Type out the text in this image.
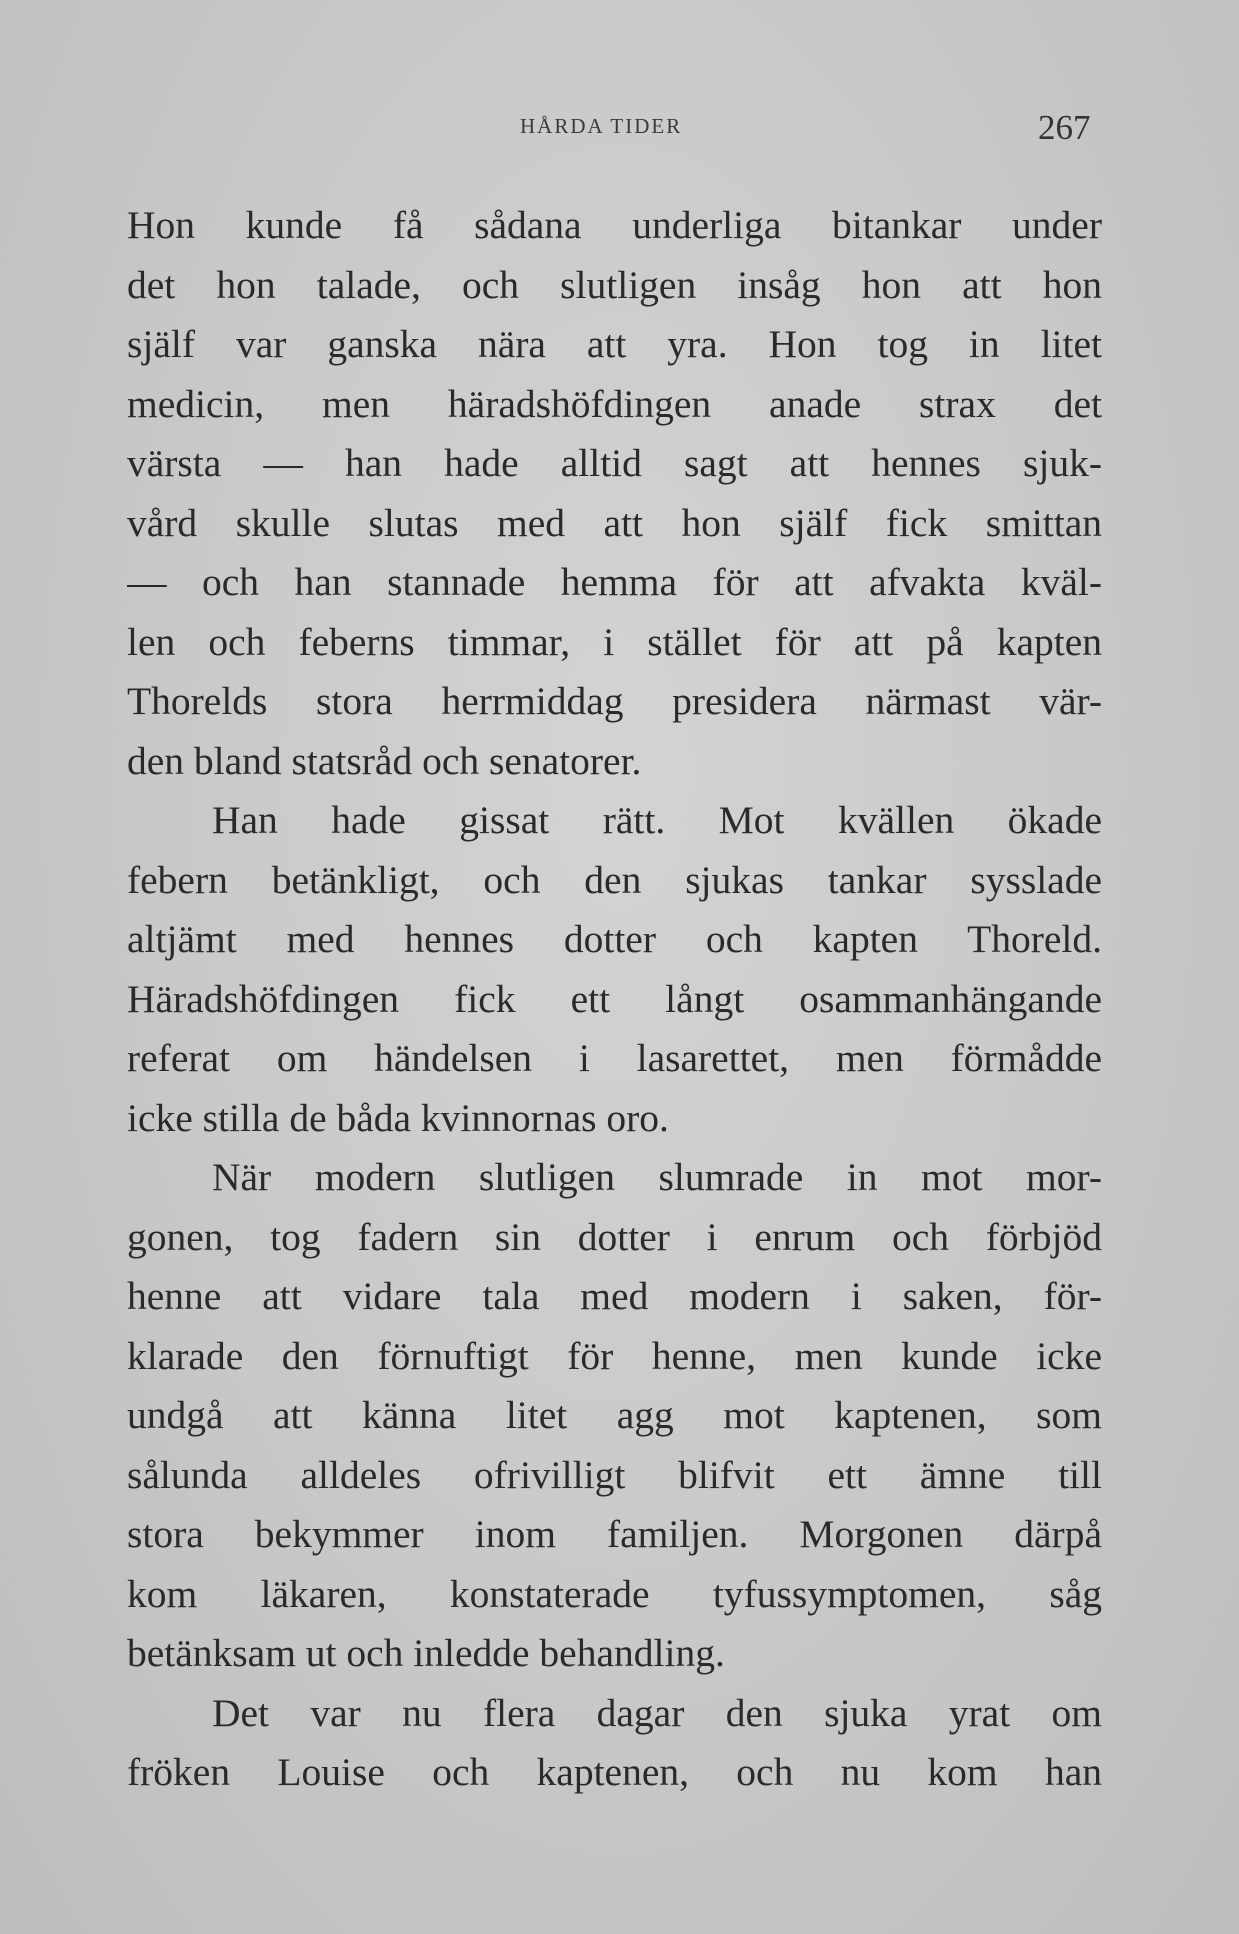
HÅRDA TIDER	267
Hon kunde få sådana underliga bitankar under
det hon talade, och slutligen insåg hon att hon
själf var ganska nära att yra. Hon tog in litet
medicin, men häradshöfdingen anade strax det
värsta — han hade alltid sagt att hennes sjuk-
vård skulle slutas med att hon själf fick smittan
— och han stannade hemma för att afvakta kväl-
len och feberns timmar, i stället för att på kapten
Thorelds stora herrmiddag presidera närmast vär-
den bland statsråd och senatorer.
Han hade gissat rätt. Mot kvällen ökade
febern betänkligt, och den sjukas tankar sysslade
altjämt med hennes dotter och kapten Thoreld.
Häradshöfdingen fick ett långt osammanhängande
referat om händelsen i lasarettet, men förmådde
icke stilla de båda kvinnornas oro.
När modern slutligen slumrade in mot mor-
gonen, tog fadern sin dotter i enrum och förbjöd
henne att vidare tala med modern i saken, för-
klarade den förnuftigt för henne, men kunde icke
undgå att känna litet agg mot kaptenen, som
sålunda alldeles ofrivilligt blifvit ett ämne till
stora bekymmer inom familjen. Morgonen därpå
kom läkaren, konstaterade tyfussymptomen, såg
betänksam ut och inledde behandling.
Det var nu flera dagar den sjuka yrat om
fröken Louise och kaptenen, och nu kom han
